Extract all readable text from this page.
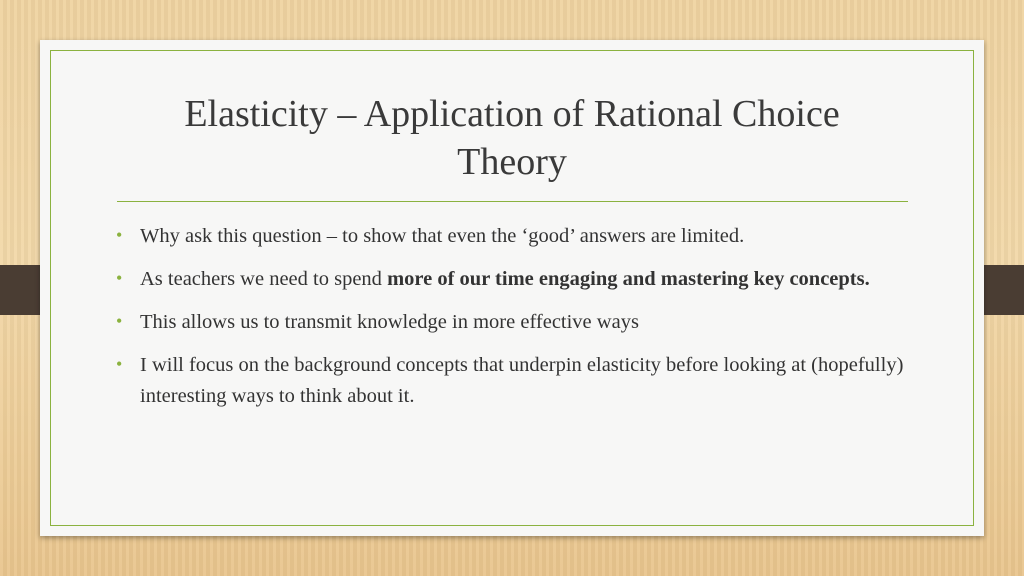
Elasticity – Application of Rational Choice Theory
• Why ask this question – to show that even the ‘good’ answers are limited.
• As teachers we need to spend more of our time engaging and mastering key concepts.
• This allows us to transmit knowledge in more effective ways
• I will focus on the background concepts that underpin elasticity before looking at (hopefully) interesting ways to think about it.
